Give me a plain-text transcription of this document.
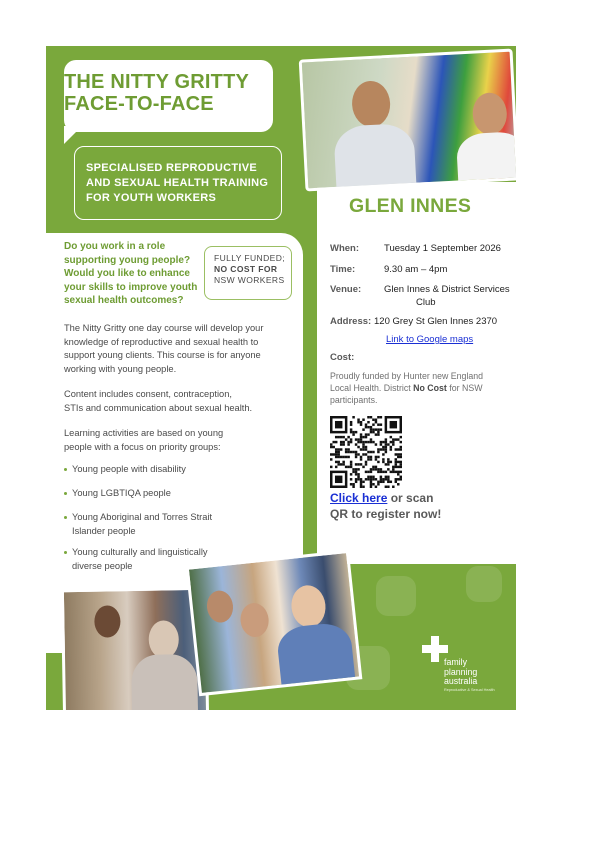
THE NITTY GRITTY
FACE-TO-FACE
SPECIALISED REPRODUCTIVE
AND SEXUAL HEALTH TRAINING
FOR YOUTH WORKERS
Do you work in a role
supporting young people?
Would you like to enhance
your skills to improve youth
sexual health outcomes?
FULLY FUNDED;
NO COST FOR
NSW WORKERS
The Nitty Gritty one day course will develop your
knowledge of reproductive and sexual health to
support young clients. This course is for anyone
working with young people.
Content includes consent, contraception,
STIs and communication about sexual health.
Learning activities are based on young
people with a focus on priority groups:
Young people with disability
Young LGBTIQA people
Young Aboriginal and Torres Strait
Islander people
Young culturally and linguistically
diverse people
GLEN INNES
When:	Tuesday 1 September 2026
Time:	9.30 am – 4pm
Venue: Glen Innes & District Services
Club
Address: 120 Grey St Glen Innes 2370
Link to Google maps
Cost:
Proudly funded by Hunter new England
Local Health. District No Cost for NSW
participants.
Click here or scan
QR to register now!
family
planning
australia
Reproductive & Sexual Health
